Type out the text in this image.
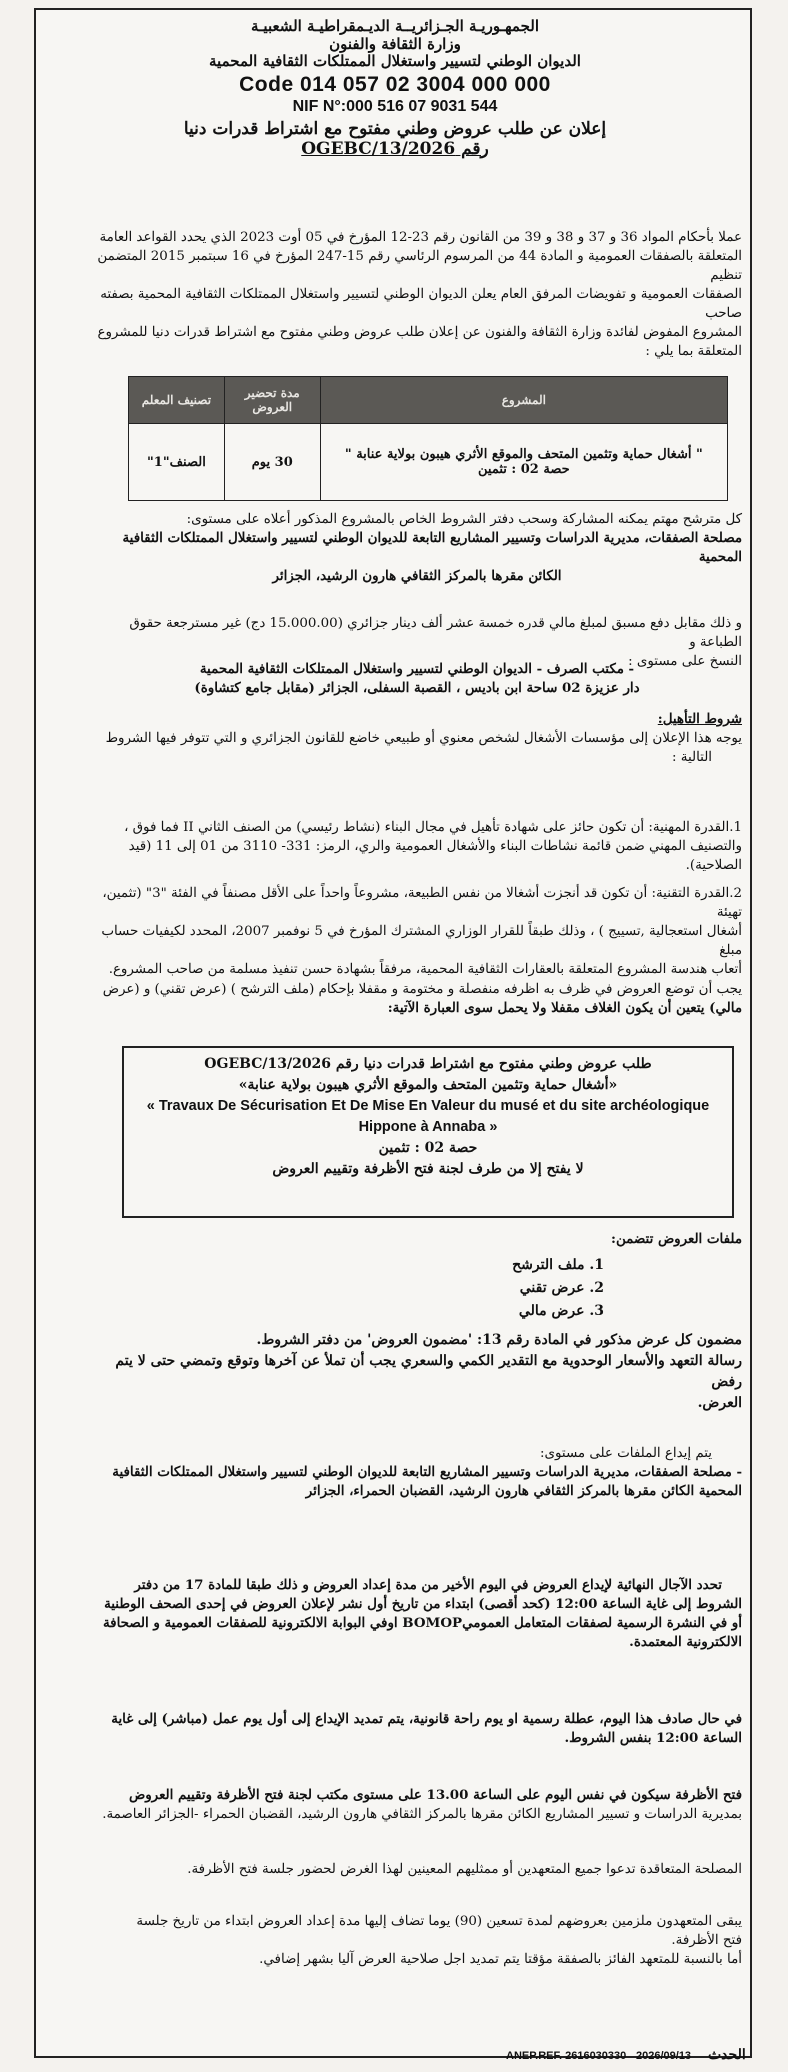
الجمهـوريـة الجـزائريــة الديـمقراطيـة الشعبيـة
وزارة الثقافة والفنون
الديوان الوطني لتسيير واستغلال الممتلكات الثقافية المحمية
Code 014 057 02 3004 000 000
NIF N°:000 516 07 9031 544
إعلان عن طلب عروض وطني مفتوح مع اشتراط قدرات دنيا
رقم 2026/OGEBC/13
عملا بأحكام المواد 36 و 37 و 38 و 39 من القانون رقم 23-12 المؤرخ في 05 أوت 2023 الذي يحدد القواعد العامة
المتعلقة بالصفقات العمومية و المادة 44 من المرسوم الرئاسي رقم 15-247 المؤرخ في 16 سبتمبر 2015 المتضمن تنظيم
الصفقات العمومية و تفويضات المرفق العام يعلن الديوان الوطني لتسيير واستغلال الممتلكات الثقافية المحمية بصفته صاحب
المشروع المفوض لفائدة وزارة الثقافة والفنون عن إعلان طلب عروض وطني مفتوح مع اشتراط قدرات دنيا للمشروع
المتعلقة بما يلي :
المشروع	مدة تحضير العروض	تصنيف المعلم

" أشغال حماية وتثمين المتحف والموقع الأثري هيبون بولاية عنابة "
حصة 02 : تثمين	30 يوم	الصنف"1"
كل مترشح مهتم يمكنه المشاركة وسحب دفتر الشروط الخاص بالمشروع المذكور أعلاه على مستوى:
مصلحة الصفقات، مديرية الدراسات وتسيير المشاريع التابعة للديوان الوطني لتسيير واستغلال الممتلكات الثقافية المحمية
الكائن مقرها بالمركز الثقافي هارون الرشيد، الجزائر
و ذلك مقابل دفع مسبق لمبلغ مالي قدره خمسة عشر ألف دينار جزائري (15.000.00 دج) غير مسترجعة حقوق الطباعة و
النسخ على مستوى :
- مكتب الصرف - الديوان الوطني لتسيير واستغلال الممتلكات الثقافية المحمية
دار عزيزة 02 ساحة ابن باديس ، القصبة السفلى، الجزائر (مقابل جامع كتشاوة)
شروط التأهيل:
يوجه هذا الإعلان إلى مؤسسات الأشغال لشخص معنوي أو طبيعي خاضع للقانون الجزائري و التي تتوفر فيها الشروط
التالية :
1.القدرة المهنية: أن تكون حائز على شهادة تأهيل في مجال البناء (نشاط رئيسي) من الصنف الثاني II فما فوق ،
والتصنيف المهني ضمن قائمة نشاطات البناء والأشغال العمومية والري، الرمز: 331- 3110 من 01 إلى 11 (قيد
الصلاحية).
2.القدرة التقنية: أن تكون قد أنجزت أشغالا من نفس الطبيعة، مشروعاً واحداً على الأقل مصنفاً في الفئة "3" (تثمين، تهيئة
أشغال استعجالية ,تسييج ) ، وذلك طبقاً للقرار الوزاري المشترك المؤرخ في 5 نوفمبر 2007، المحدد لكيفيات حساب مبلغ
أتعاب هندسة المشروع المتعلقة بالعقارات الثقافية المحمية، مرفقاً بشهادة حسن تنفيذ مسلمة من صاحب المشروع.
يجب أن توضع العروض في ظرف به اظرفه منفصلة و مختومة و مقفلا بإحكام (ملف الترشح ) (عرض تقني) و (عرض
مالي) يتعين أن يكون الغلاف مقفلا ولا يحمل سوى العبارة الآتية:
طلب عروض وطني مفتوح مع اشتراط قدرات دنيا رقم 2026/OGEBC/13
«أشغال حماية وتثمين المتحف والموقع الأثري هيبون بولاية عنابة»
« Travaux De Sécurisation Et De Mise En Valeur du musé et du site archéologique
Hippone à Annaba »
حصة 02 : تثمين
لا يفتح إلا من طرف لجنة فتح الأظرفة وتقييم العروض
ملفات العروض تتضمن:
1. ملف الترشح
2. عرض تقني
3. عرض مالي
مضمون كل عرض مذكور في المادة رقم 13: 'مضمون العروض' من دفتر الشروط.
رسالة التعهد والأسعار الوحدوية مع التقدير الكمي والسعري يجب أن تملأ عن آخرها وتوقع وتمضي حتى لا يتم رفض
العرض.
يتم إيداع الملفات على مستوى:
- مصلحة الصفقات، مديرية الدراسات وتسيير المشاريع التابعة للديوان الوطني لتسيير واستغلال الممتلكات الثقافية
المحمية الكائن مقرها بالمركز الثقافي هارون الرشيد، القضبان الحمراء، الجزائر
تحدد الآجال النهائية لإيداع العروض في اليوم الأخير من مدة إعداد العروض و ذلك طبقا للمادة 17 من دفتر
الشروط إلى غاية الساعة 12:00 (كحد أقصى) ابتداء من تاريخ أول نشر لإعلان العروض في إحدى الصحف الوطنية
أو في النشرة الرسمية لصفقات المتعامل العموميBOMOP اوفي البوابة الالكترونية للصفقات العمومية و الصحافة
الالكترونية المعتمدة.
في حال صادف هذا اليوم، عطلة رسمية او يوم راحة قانونية، يتم تمديد الإيداع إلى أول يوم عمل (مباشر) إلى غاية
الساعة 12:00 بنفس الشروط.
فتح الأظرفة سيكون في نفس اليوم على الساعة 13.00 على مستوى مكتب لجنة فتح الأظرفة وتقييم العروض
بمديرية الدراسات و تسيير المشاريع الكائن مقرها بالمركز الثقافي هارون الرشيد، القضبان الحمراء -الجزائر العاصمة.
المصلحة المتعاقدة تدعوا جميع المتعهدين أو ممثليهم المعينين لهذا الغرض لحضور جلسة فتح الأظرفة.
يبقى المتعهدون ملزمين بعروضهم لمدة تسعين (90) يوما تضاف إليها مدة إعداد العروض ابتداء من تاريخ جلسة
فتح الأظرفة.
أما بالنسبة للمتعهد الفائز بالصفقة مؤقتا يتم تمديد اجل صلاحية العرض آليا بشهر إضافي.
ANEP.REF. 2616030330 2026/09/13 الحدث
